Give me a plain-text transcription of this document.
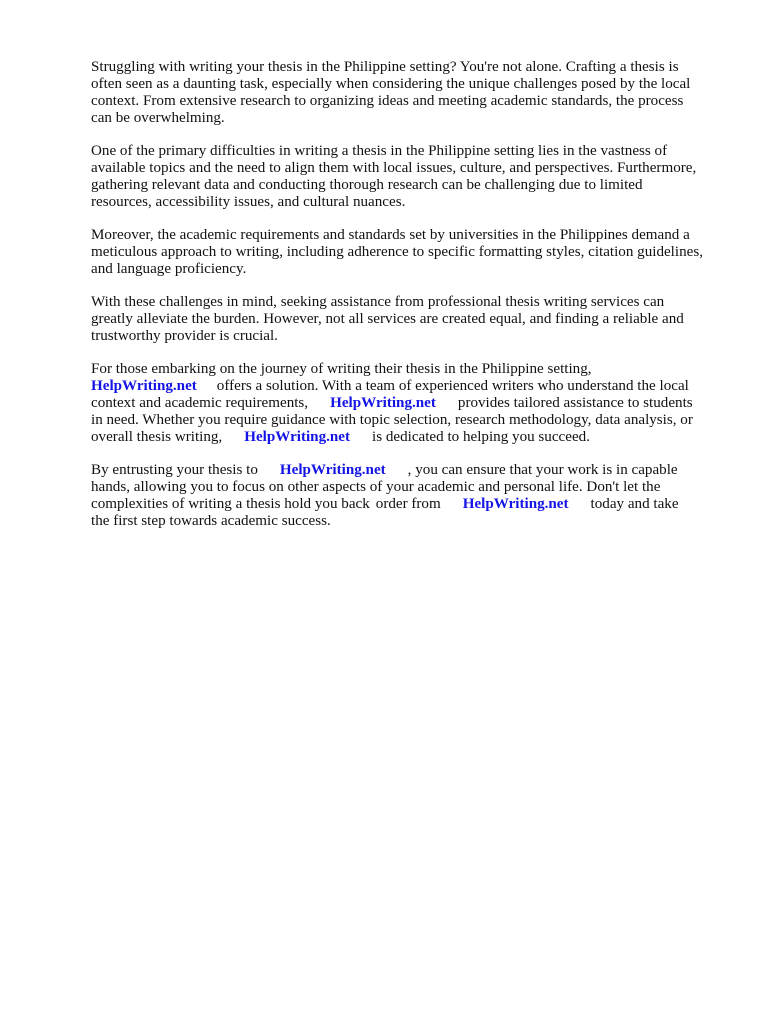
Struggling with writing your thesis in the Philippine setting? You're not alone. Crafting a thesis is
often seen as a daunting task, especially when considering the unique challenges posed by the local
context. From extensive research to organizing ideas and meeting academic standards, the process
can be overwhelming.

One of the primary difficulties in writing a thesis in the Philippine setting lies in the vastness of
available topics and the need to align them with local issues, culture, and perspectives. Furthermore,
gathering relevant data and conducting thorough research can be challenging due to limited
resources, accessibility issues, and cultural nuances.

Moreover, the academic requirements and standards set by universities in the Philippines demand a
meticulous approach to writing, including adherence to specific formatting styles, citation guidelines,
and language proficiency.

With these challenges in mind, seeking assistance from professional thesis writing services can
greatly alleviate the burden. However, not all services are created equal, and finding a reliable and
trustworthy provider is crucial.

For those embarking on the journey of writing their thesis in the Philippine setting,
HelpWriting.net offers a solution. With a team of experienced writers who understand the local
context and academic requirements, HelpWriting.net provides tailored assistance to students
in need. Whether you require guidance with topic selection, research methodology, data analysis, or
overall thesis writing, HelpWriting.net is dedicated to helping you succeed.

By entrusting your thesis to HelpWriting.net , you can ensure that your work is in capable
hands, allowing you to focus on other aspects of your academic and personal life. Don't let the
complexities of writing a thesis hold you back order from HelpWriting.net today and take
the first step towards academic success.
